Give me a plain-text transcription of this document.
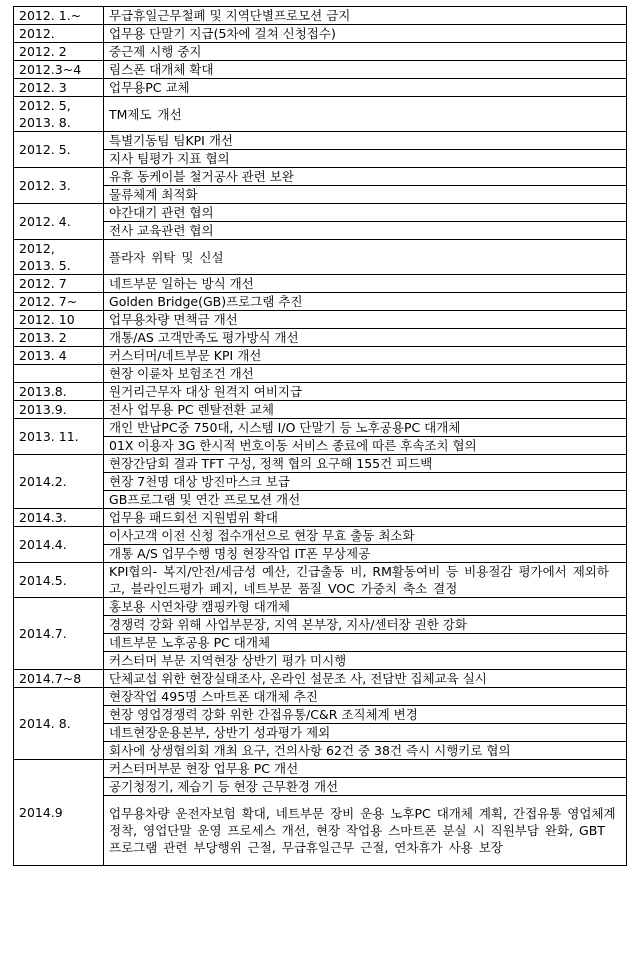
2012. 1.~	무급휴일근무철폐 및 지역단별프로모션 금지
2012.	업무용 단말기 지급(5차에 걸쳐 신청접수)
2012. 2	중근제 시행 중지
2012.3~4	림스폰 대개체 확대
2012. 3	업무용PC 교체
2012. 5,
2013. 8.	TM제도 개선
2012. 5.	특별기동팀 팀KPI 개선
	지사 팀평가 지표 협의
2012. 3.	유휴 동케이블 철거공사 관련 보완
	물류체계 최적화
2012. 4.	야간대기 관련 협의
	전사 교육관련 협의
2012,
2013. 5.	플라자 위탁 및 신설
2012. 7	네트부문 일하는 방식 개선
2012. 7~	Golden Bridge(GB)프로그램 추진
2012. 10	업무용차량 면책금 개선
2013. 2	개통/AS 고객만족도 평가방식 개선
2013. 4	커스터머/네트부문 KPI 개선
	현장 이륜차 보험조건 개선
2013.8.	원거리근무자 대상 원격지 여비지급
2013.9.	전사 업무용 PC 렌탈전환 교체
2013. 11.	개인 반납PC중 750대, 시스템 I/O 단말기 등 노후공용PC 대개체
	01X 이용자 3G 한시적 번호이동 서비스 종료에 따른 후속조치 협의
2014.2.	현장간담회 결과 TFT 구성, 정책 협의 요구해 155건 피드백
	현장 7천명 대상 방진마스크 보급
	GB프로그램 및 연간 프로모션 개선
2014.3.	업무용 패드회선 지원범위 확대
2014.4.	이사고객 이전 신청 접수개선으로 현장 무효 출동 최소화
	개통 A/S 업무수행 명칭 현장작업 IT폰 무상제공
2014.5.	KPI협의- 복지/안전/세금성 예산, 긴급출동 비, RM활동여비 등 비용절감 평가에서 제외하고, 블라인드평가 폐지, 네트부문 품질 VOC 가중치 축소 결정
2014.7.	홍보용 시연차량 캠핑카형 대개체
	경쟁력 강화 위해 사업부문장, 지역 본부장, 지사/센터장 권한 강화
	네트부문 노후공용 PC 대개체
	커스터머 부문 지역현장 상반기 평가 미시행
2014.7~8	단체교섭 위한 현장실태조사, 온라인 설문조 사, 전담반 집체교육 실시
2014. 8.	현장작업 495명 스마트폰 대개체 추진
	현장 영업경쟁력 강화 위한 간접유통/C&R 조직체계 변경
	네트현장운용본부, 상반기 성과평가 제외
	회사에 상생협의회 개최 요구, 건의사항 62건 중 38건 즉시 시행키로 협의
2014.9	커스터머부문 현장 업무용 PC 개선
	공기청정기, 제습기 등 현장 근무환경 개선
	업무용차량 운전자보험 확대, 네트부문 장비 운용 노후PC 대개체 계획, 간접유통 영업체계 정착, 영업단말 운영 프로세스 개선, 현장 작업용 스마트폰 분실 시 직원부담 완화, GBT 프로그램 관련 부당행위 근절, 무급휴일근무 근절, 연차휴가 사용 보장
